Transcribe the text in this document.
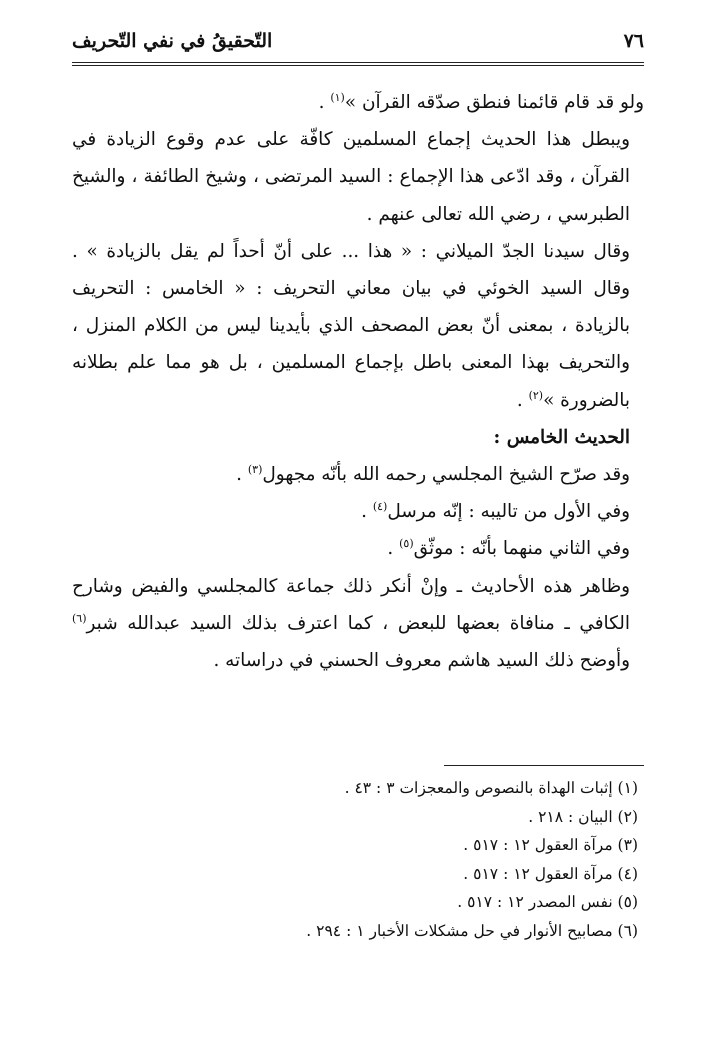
٧٦
التّحقيقُ في نفي التّحريف

ولو قد قام قائمنا فنطق صدّقه القرآن »$^{(١)}$ .

ويبطل هذا الحديث إجماع المسلمين كافّة على عدم وقوع الزيادة في القرآن ، وقد ادّعى هذا الإجماع : السيد المرتضى ، وشيخ الطائفة ، والشيخ الطبرسي ، رضي الله تعالى عنهم .

وقال سيدنا الجدّ الميلاني : « هذا ... على أنّ أحداً لم يقل بالزيادة » . وقال السيد الخوئي في بيان معاني التحريف : « الخامس : التحريف بالزيادة ، بمعنى أنّ بعض المصحف الذي بأيدينا ليس من الكلام المنزل ، والتحريف بهذا المعنى باطل بإجماع المسلمين ، بل هو مما علم بطلانه بالضرورة »$^{(٢)}$ .

الحديث الخامس :

وقد صرّح الشيخ المجلسي رحمه الله بأنّه مجهول$^{(٣)}$ .

وفي الأول من تاليبه : إنّه مرسل$^{(٤)}$ .

وفي الثاني منهما بأنّه : موثّق$^{(٥)}$ .

وظاهر هذه الأحاديث ـ وإنْ أنكر ذلك جماعة كالمجلسي والفيض وشارح الكافي ـ منافاة بعضها للبعض ، كما اعترف بذلك السيد عبدالله شبر$^{(٦)}$ وأوضح ذلك السيد هاشم معروف الحسني في دراساته .

(١) إثبات الهداة بالنصوص والمعجزات ٣ : ٤٣ .

(٢) البيان : ٢١٨ .

(٣) مرآة العقول ١٢ : ٥١٧ .

(٤) مرآة العقول ١٢ : ٥١٧ .

(٥) نفس المصدر ١٢ : ٥١٧ .

(٦) مصابيح الأنوار في حل مشكلات الأخبار ١ : ٢٩٤ .
